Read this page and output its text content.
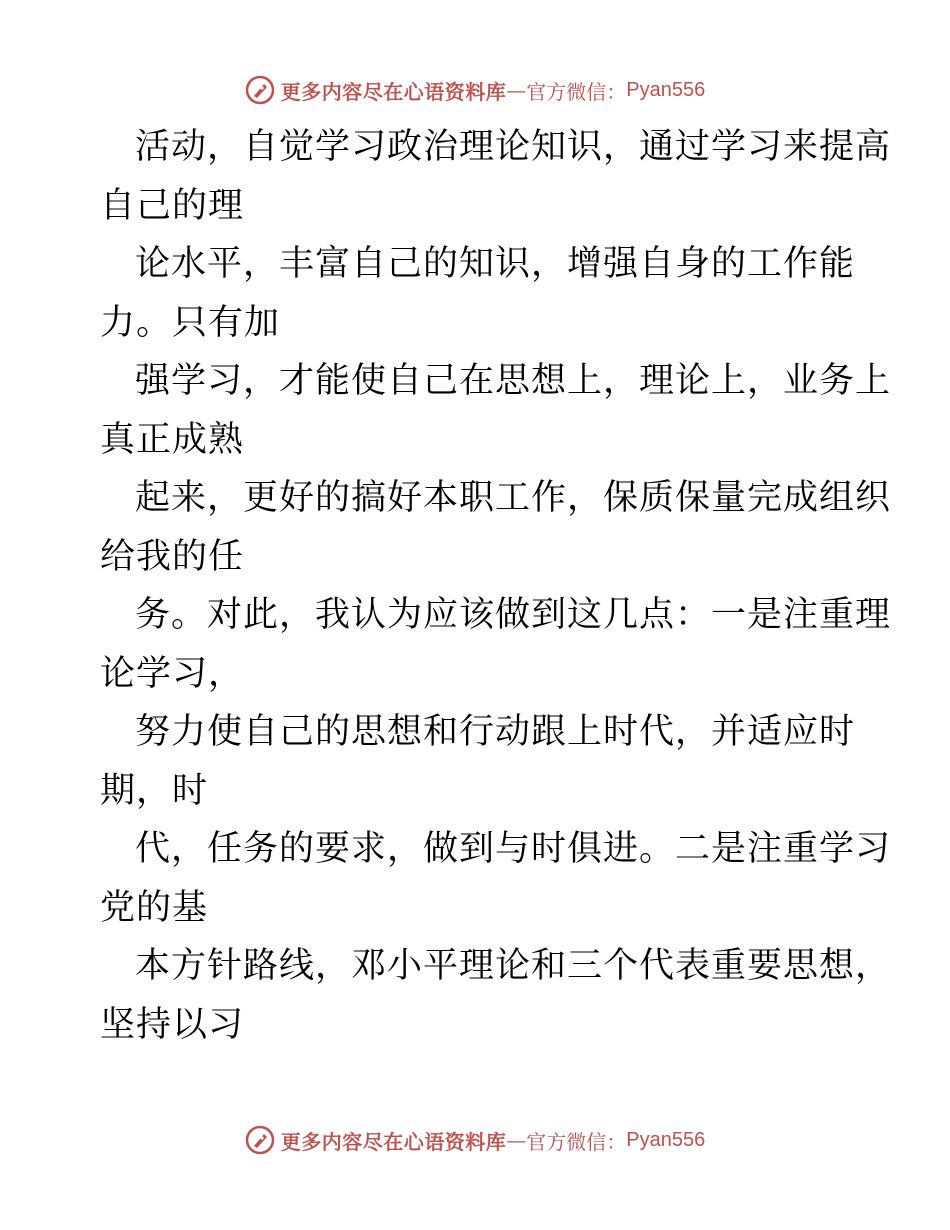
更多内容尽在心语资料库 — 官方微信： Pyan556
活动，自觉学习政治理论知识，通过学习来提高
自己的理
论水平，丰富自己的知识，增强自身的工作能
力。只有加
强学习，才能使自己在思想上，理论上，业务上
真正成熟
起来，更好的搞好本职工作，保质保量完成组织
给我的任
务。对此，我认为应该做到这几点：一是注重理
论学习，
努力使自己的思想和行动跟上时代，并适应时
期，时
代，任务的要求，做到与时俱进。二是注重学习
党的基
本方针路线，邓小平理论和三个代表重要思想，
坚持以习
更多内容尽在心语资料库 — 官方微信： Pyan556
